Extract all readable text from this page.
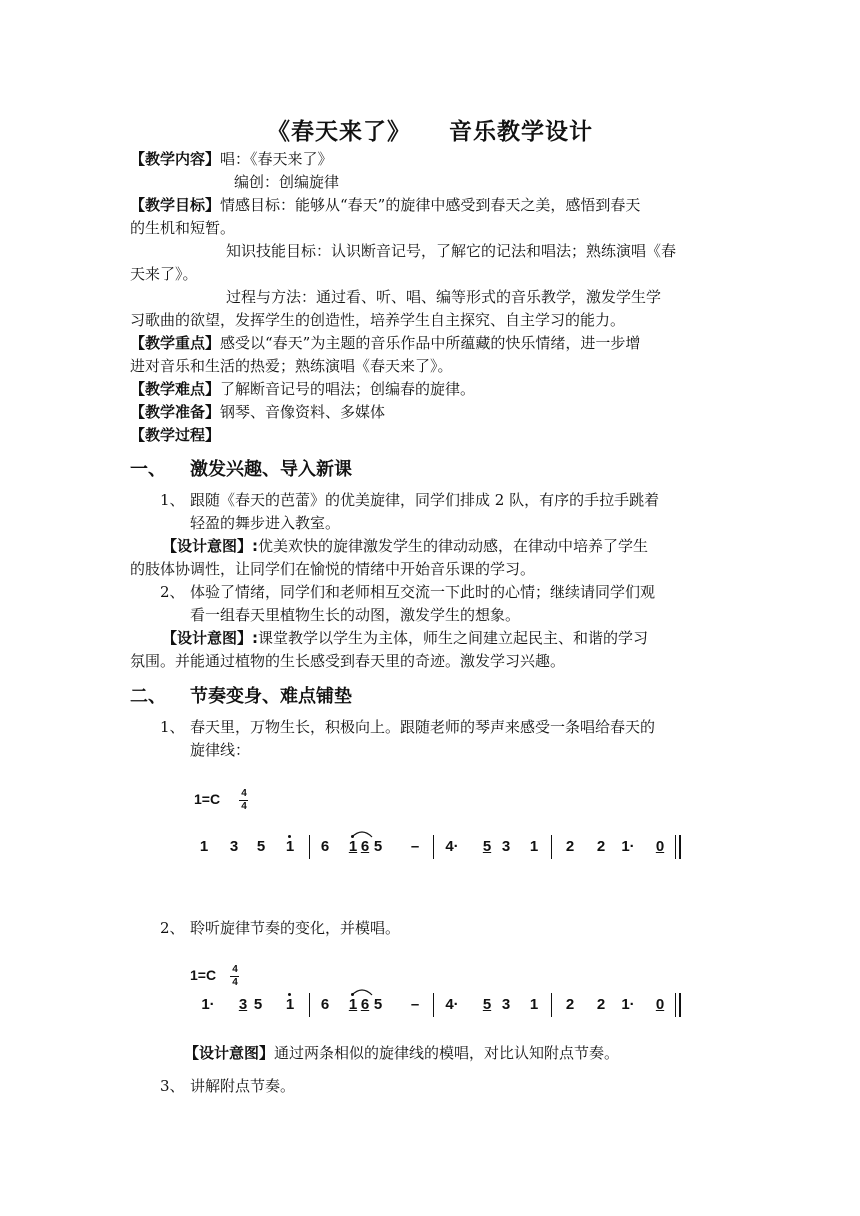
《春天来了》 音乐教学设计
【教学内容】唱：《春天来了》
编创：创编旋律
【教学目标】情感目标：能够从“春天”的旋律中感受到春天之美，感悟到春天
的生机和短暂。
知识技能目标：认识断音记号，了解它的记法和唱法；熟练演唱《春
天来了》。
过程与方法：通过看、听、唱、编等形式的音乐教学，激发学生学
习歌曲的欲望，发挥学生的创造性，培养学生自主探究、自主学习的能力。
【教学重点】感受以“春天”为主题的音乐作品中所蕴藏的快乐情绪，进一步增
进对音乐和生活的热爱；熟练演唱《春天来了》。
【教学难点】了解断音记号的唱法；创编春的旋律。
【教学准备】钢琴、音像资料、多媒体
【教学过程】
一、 激发兴趣、导入新课
1、 跟随《春天的芭蕾》的优美旋律，同学们排成 2 队，有序的手拉手跳着
轻盈的舞步进入教室。
【设计意图】:优美欢快的旋律激发学生的律动动感，在律动中培养了学生
的肢体协调性，让同学们在愉悦的情绪中开始音乐课的学习。
2、 体验了情绪，同学们和老师相互交流一下此时的心情；继续请同学们观
看一组春天里植物生长的动图，激发学生的想象。
【设计意图】:课堂教学以学生为主体，师生之间建立起民主、和谐的学习
氛围。并能通过植物的生长感受到春天里的奇迹。激发学习兴趣。
二、 节奏变身、难点铺垫
1、 春天里，万物生长，积极向上。跟随老师的琴声来感受一条唱给春天的
旋律线：
1=C 4
4
1 3 5 1 6 1 6 5 – 4· 5 3 1 2 2 1· 0
2、 聆听旋律节奏的变化，并模唱。
1=C 4
4
1· 3 5 1 6 1 6 5 – 4· 5 3 1 2 2 1· 0
【设计意图】通过两条相似的旋律线的模唱，对比认知附点节奏。
3、 讲解附点节奏。
